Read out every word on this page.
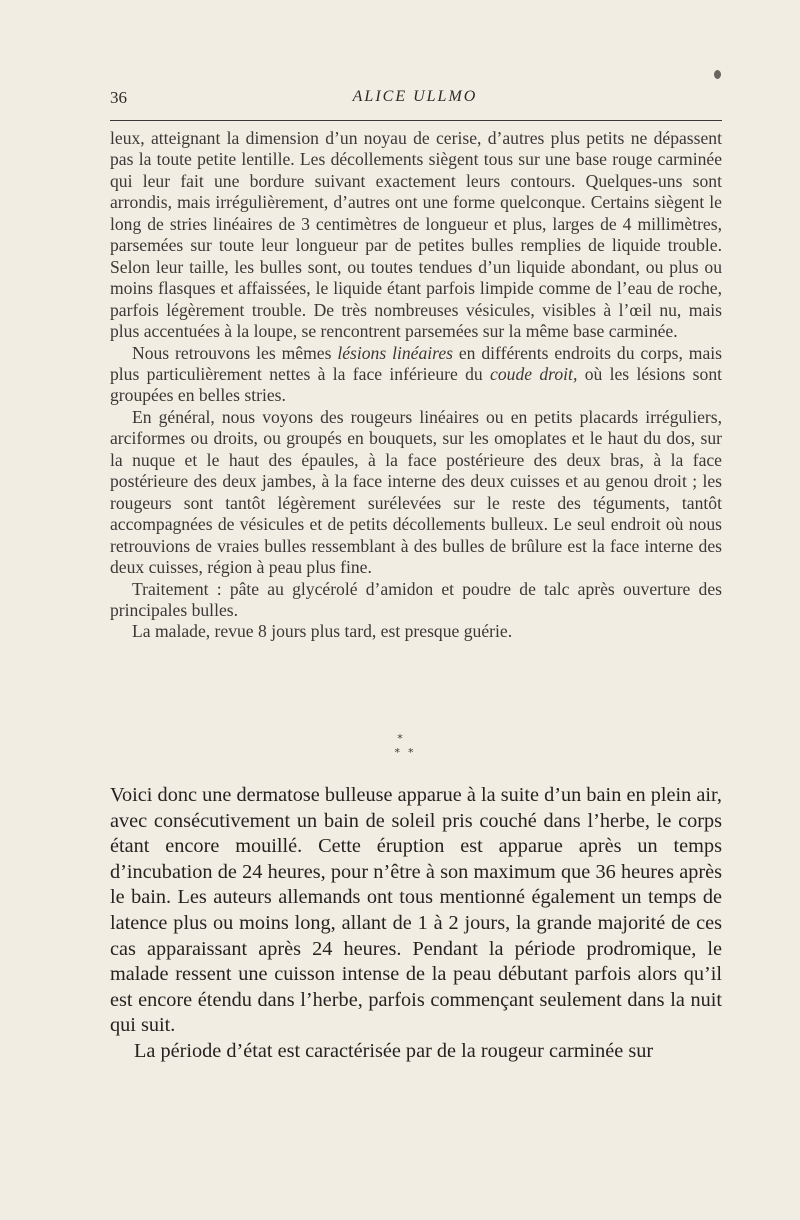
36	ALICE ULLMO

leux, atteignant la dimension d’un noyau de cerise, d’autres plus petits ne dépassent pas la toute petite lentille. Les décollements siègent tous sur une base rouge carminée qui leur fait une bordure suivant exactement leurs contours. Quelques-uns sont arrondis, mais irrégulièrement, d’autres ont une forme quelconque. Certains siègent le long de stries linéaires de 3 centimètres de longueur et plus, larges de 4 millimètres, parsemées sur toute leur longueur par de petites bulles remplies de liquide trouble. Selon leur taille, les bulles sont, ou toutes tendues d’un liquide abondant, ou plus ou moins flasques et affaissées, le liquide étant parfois limpide comme de l’eau de roche, parfois légèrement trouble. De très nombreuses vésicules, visibles à l’œil nu, mais plus accentuées à la loupe, se rencontrent parsemées sur la même base carminée.

Nous retrouvons les mêmes lésions linéaires en différents endroits du corps, mais plus particulièrement nettes à la face inférieure du coude droit, où les lésions sont groupées en belles stries.

En général, nous voyons des rougeurs linéaires ou en petits placards irréguliers, arciformes ou droits, ou groupés en bouquets, sur les omoplates et le haut du dos, sur la nuque et le haut des épaules, à la face postérieure des deux bras, à la face postérieure des deux jambes, à la face interne des deux cuisses et au genou droit ; les rougeurs sont tantôt légèrement surélevées sur le reste des téguments, tantôt accompagnées de vésicules et de petits décollements bulleux. Le seul endroit où nous retrouvions de vraies bulles ressemblant à des bulles de brûlure est la face interne des deux cuisses, région à peau plus fine.

Traitement : pâte au glycérolé d’amidon et poudre de talc après ouverture des principales bulles.

La malade, revue 8 jours plus tard, est presque guérie.

*
**

Voici donc une dermatose bulleuse apparue à la suite d’un bain en plein air, avec consécutivement un bain de soleil pris couché dans l’herbe, le corps étant encore mouillé. Cette éruption est apparue après un temps d’incubation de 24 heures, pour n’être à son maximum que 36 heures après le bain. Les auteurs allemands ont tous mentionné également un temps de latence plus ou moins long, allant de 1 à 2 jours, la grande majorité de ces cas apparaissant après 24 heures. Pendant la période prodromique, le malade ressent une cuisson intense de la peau débutant parfois alors qu’il est encore étendu dans l’herbe, parfois commençant seulement dans la nuit qui suit.

La période d’état est caractérisée par de la rougeur carminée sur
